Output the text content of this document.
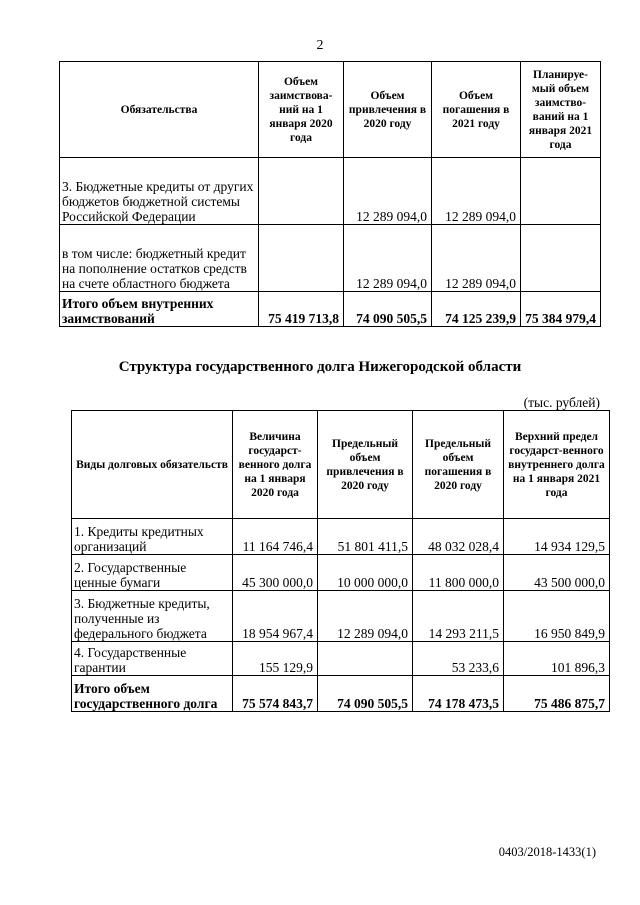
2
Обязательства	Объем заимствова-ний на 1 января 2020 года	Объем привлечения в 2020 году	Объем погашения в 2021 году	Планируе-мый объем заимство-ваний на 1 января 2021 года
3. Бюджетные кредиты от других бюджетов бюджетной системы Российской Федерации		12 289 094,0	12 289 094,0	
в том числе: бюджетный кредит на пополнение остатков средств на счете областного бюджета		12 289 094,0	12 289 094,0	
Итого объем внутренних заимствований	75 419 713,8	74 090 505,5	74 125 239,9	75 384 979,4
Структура государственного долга Нижегородской области
(тыс. рублей)
Виды долговых обязательств	Величина государст-венного долга на 1 января 2020 года	Предельный объем привлечения в 2020 году	Предельный объем погашения в 2020 году	Верхний предел государст-венного внутреннего долга на 1 января 2021 года
1. Кредиты кредитных организаций	11 164 746,4	51 801 411,5	48 032 028,4	14 934 129,5
2. Государственные ценные бумаги	45 300 000,0	10 000 000,0	11 800 000,0	43 500 000,0
3. Бюджетные кредиты, полученные из федерального бюджета	18 954 967,4	12 289 094,0	14 293 211,5	16 950 849,9
4. Государственные гарантии	155 129,9		53 233,6	101 896,3
Итого объем государственного долга	75 574 843,7	74 090 505,5	74 178 473,5	75 486 875,7
0403/2018-1433(1)
